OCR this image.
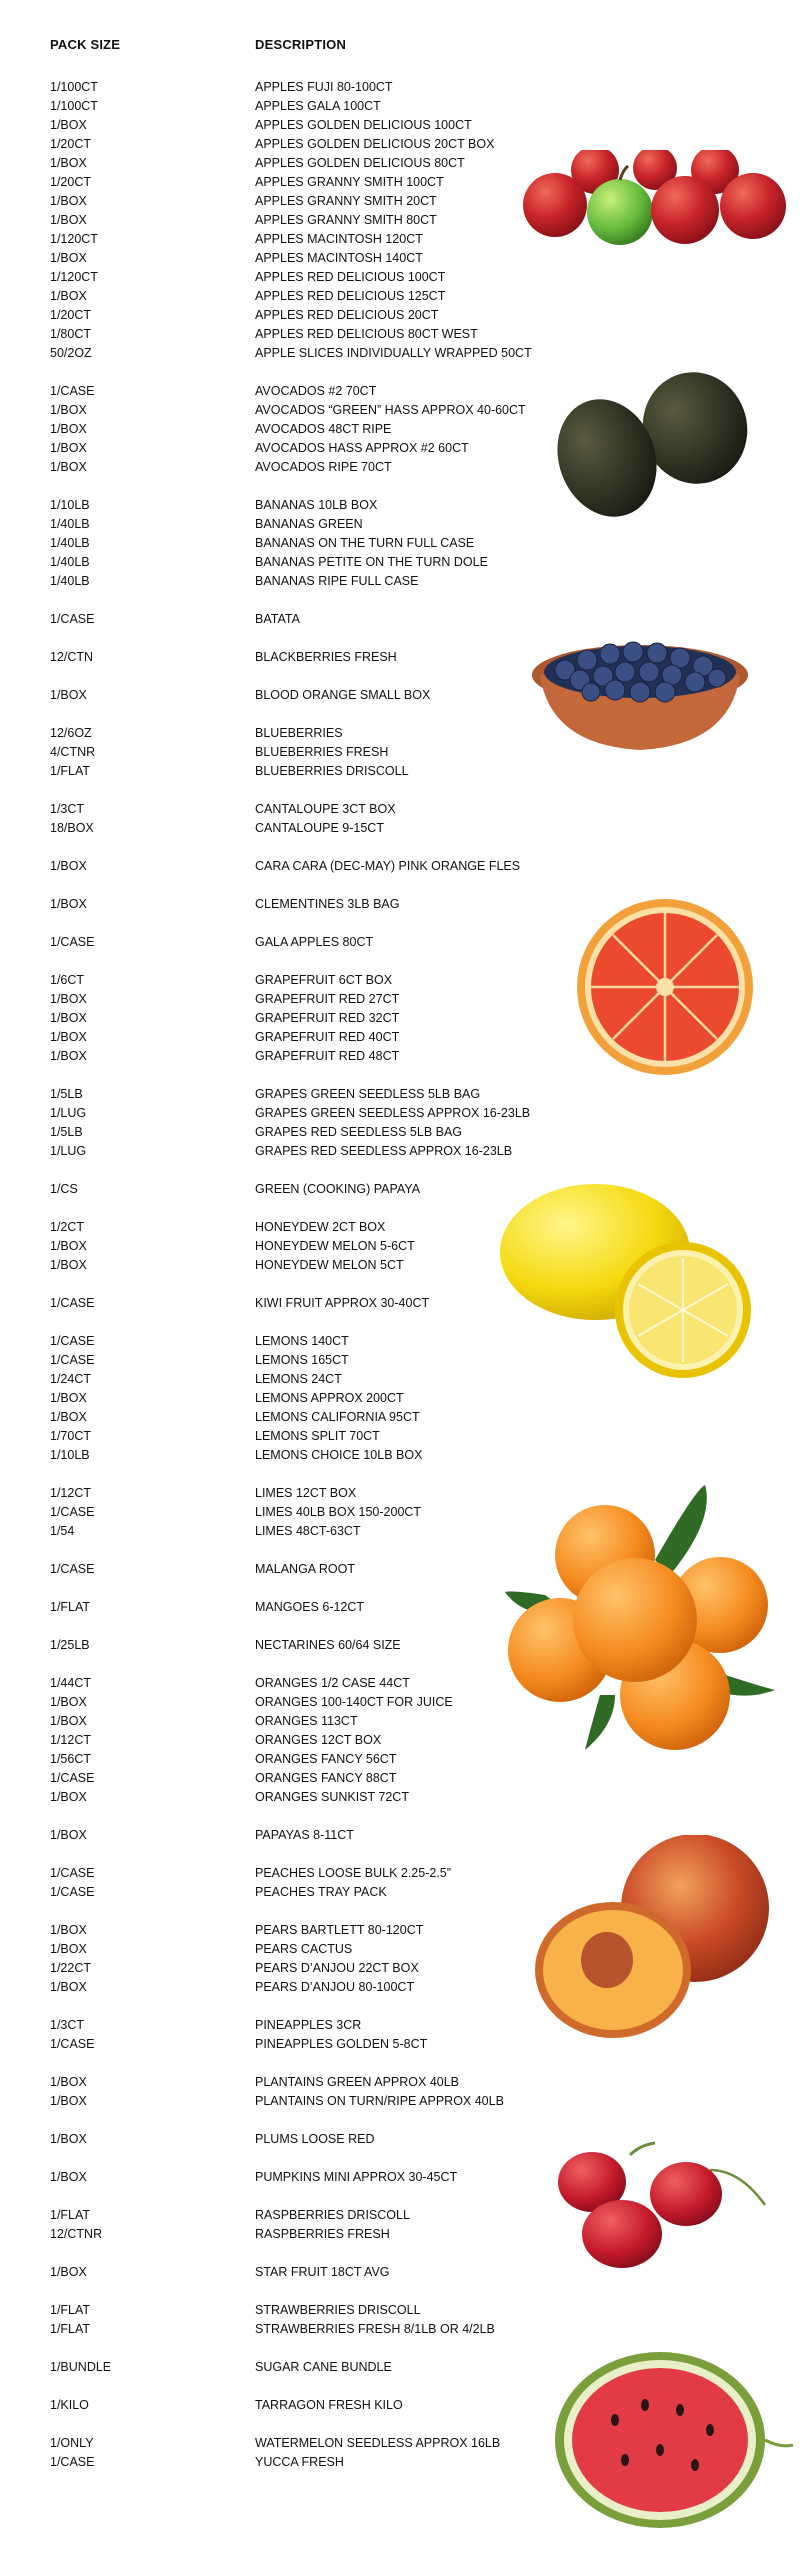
PACK SIZE	DESCRIPTION
1/100CT	APPLES FUJI 80-100CT
1/100CT	APPLES GALA 100CT
1/BOX	APPLES GOLDEN DELICIOUS 100CT
1/20CT	APPLES GOLDEN DELICIOUS 20CT BOX
1/BOX	APPLES GOLDEN DELICIOUS 80CT
1/20CT	APPLES GRANNY SMITH 100CT
1/BOX	APPLES GRANNY SMITH 20CT
1/BOX	APPLES GRANNY SMITH 80CT
1/120CT	APPLES MACINTOSH 120CT
1/BOX	APPLES MACINTOSH 140CT
1/120CT	APPLES RED DELICIOUS 100CT
1/BOX	APPLES RED DELICIOUS 125CT
1/20CT	APPLES RED DELICIOUS 20CT
1/80CT	APPLES RED DELICIOUS 80CT WEST
50/2OZ	APPLE SLICES INDIVIDUALLY WRAPPED 50CT
1/CASE	AVOCADOS #2 70CT
1/BOX	AVOCADOS “GREEN” HASS APPROX 40-60CT
1/BOX	AVOCADOS 48CT RIPE
1/BOX	AVOCADOS HASS APPROX #2 60CT
1/BOX	AVOCADOS RIPE 70CT
1/10LB	BANANAS 10LB BOX
1/40LB	BANANAS GREEN
1/40LB	BANANAS ON THE TURN FULL CASE
1/40LB	BANANAS PETITE ON THE TURN DOLE
1/40LB	BANANAS RIPE FULL CASE
1/CASE	BATATA
12/CTN	BLACKBERRIES FRESH
1/BOX	BLOOD ORANGE SMALL BOX
12/6OZ	BLUEBERRIES
4/CTNR	BLUEBERRIES FRESH
1/FLAT	BLUEBERRIES DRISCOLL
1/3CT	CANTALOUPE 3CT BOX
18/BOX	CANTALOUPE 9-15CT
1/BOX	CARA CARA (DEC-MAY) PINK ORANGE FLES
1/BOX	CLEMENTINES 3LB BAG
1/CASE	GALA APPLES 80CT
1/6CT	GRAPEFRUIT 6CT BOX
1/BOX	GRAPEFRUIT RED 27CT
1/BOX	GRAPEFRUIT RED 32CT
1/BOX	GRAPEFRUIT RED 40CT
1/BOX	GRAPEFRUIT RED 48CT
1/5LB	GRAPES GREEN SEEDLESS 5LB BAG
1/LUG	GRAPES GREEN SEEDLESS APPROX 16-23LB
1/5LB	GRAPES RED SEEDLESS 5LB BAG
1/LUG	GRAPES RED SEEDLESS APPROX 16-23LB
1/CS	GREEN (COOKING) PAPAYA
1/2CT	HONEYDEW 2CT BOX
1/BOX	HONEYDEW MELON 5-6CT
1/BOX	HONEYDEW MELON 5CT
1/CASE	KIWI FRUIT APPROX 30-40CT
1/CASE	LEMONS 140CT
1/CASE	LEMONS 165CT
1/24CT	LEMONS 24CT
1/BOX	LEMONS APPROX 200CT
1/BOX	LEMONS CALIFORNIA 95CT
1/70CT	LEMONS SPLIT 70CT
1/10LB	LEMONS CHOICE 10LB BOX
1/12CT	LIMES 12CT BOX
1/CASE	LIMES 40LB BOX 150-200CT
1/54	LIMES 48CT-63CT
1/CASE	MALANGA ROOT
1/FLAT	MANGOES 6-12CT
1/25LB	NECTARINES 60/64 SIZE
1/44CT	ORANGES 1/2 CASE 44CT
1/BOX	ORANGES 100-140CT FOR JUICE
1/BOX	ORANGES 113CT
1/12CT	ORANGES 12CT BOX
1/56CT	ORANGES FANCY 56CT
1/CASE	ORANGES FANCY 88CT
1/BOX	ORANGES SUNKIST 72CT
1/BOX	PAPAYAS 8-11CT
1/CASE	PEACHES LOOSE BULK 2.25-2.5”
1/CASE	PEACHES TRAY PACK
1/BOX	PEARS BARTLETT 80-120CT
1/BOX	PEARS CACTUS
1/22CT	PEARS D’ANJOU 22CT BOX
1/BOX	PEARS D’ANJOU 80-100CT
1/3CT	PINEAPPLES 3CR
1/CASE	PINEAPPLES GOLDEN 5-8CT
1/BOX	PLANTAINS GREEN APPROX 40LB
1/BOX	PLANTAINS ON TURN/RIPE APPROX 40LB
1/BOX	PLUMS LOOSE RED
1/BOX	PUMPKINS MINI APPROX 30-45CT
1/FLAT	RASPBERRIES DRISCOLL
12/CTNR	RASPBERRIES FRESH
1/BOX	STAR FRUIT 18CT AVG
1/FLAT	STRAWBERRIES DRISCOLL
1/FLAT	STRAWBERRIES FRESH 8/1LB OR 4/2LB
1/BUNDLE	SUGAR CANE BUNDLE
1/KILO	TARRAGON FRESH KILO
1/ONLY	WATERMELON SEEDLESS APPROX 16LB
1/CASE	YUCCA FRESH
